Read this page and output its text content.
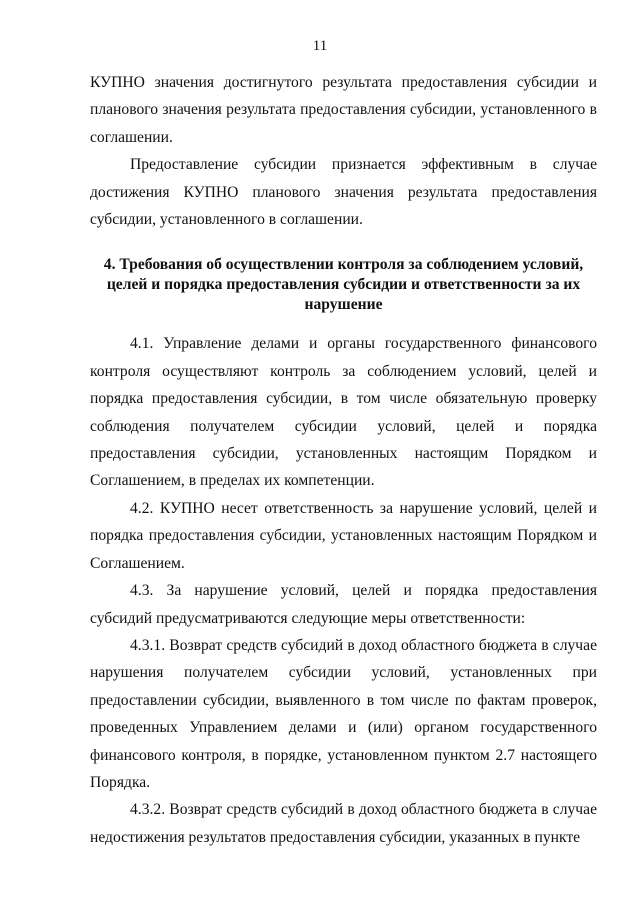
11

КУПНО значения достигнутого результата предоставления субсидии и планового значения результата предоставления субсидии, установленного в соглашении.

Предоставление субсидии признается эффективным в случае достижения КУПНО планового значения результата предоставления субсидии, установленного в соглашении.

4. Требования об осуществлении контроля за соблюдением условий,
целей и порядка предоставления субсидии и ответственности за их
нарушение

4.1. Управление делами и органы государственного финансового контроля осуществляют контроль за соблюдением условий, целей и порядка предоставления субсидии, в том числе обязательную проверку соблюдения получателем субсидии условий, целей и порядка предоставления субсидии, установленных настоящим Порядком и Соглашением, в пределах их компетенции.

4.2. КУПНО несет ответственность за нарушение условий, целей и порядка предоставления субсидии, установленных настоящим Порядком и Соглашением.

4.3. За нарушение условий, целей и порядка предоставления субсидий предусматриваются следующие меры ответственности:

4.3.1. Возврат средств субсидий в доход областного бюджета в случае нарушения получателем субсидии условий, установленных при предоставлении субсидии, выявленного в том числе по фактам проверок, проведенных Управлением делами и (или) органом государственного финансового контроля, в порядке, установленном пунктом 2.7 настоящего Порядка.

4.3.2. Возврат средств субсидий в доход областного бюджета в случае недостижения результатов предоставления субсидии, указанных в пункте
